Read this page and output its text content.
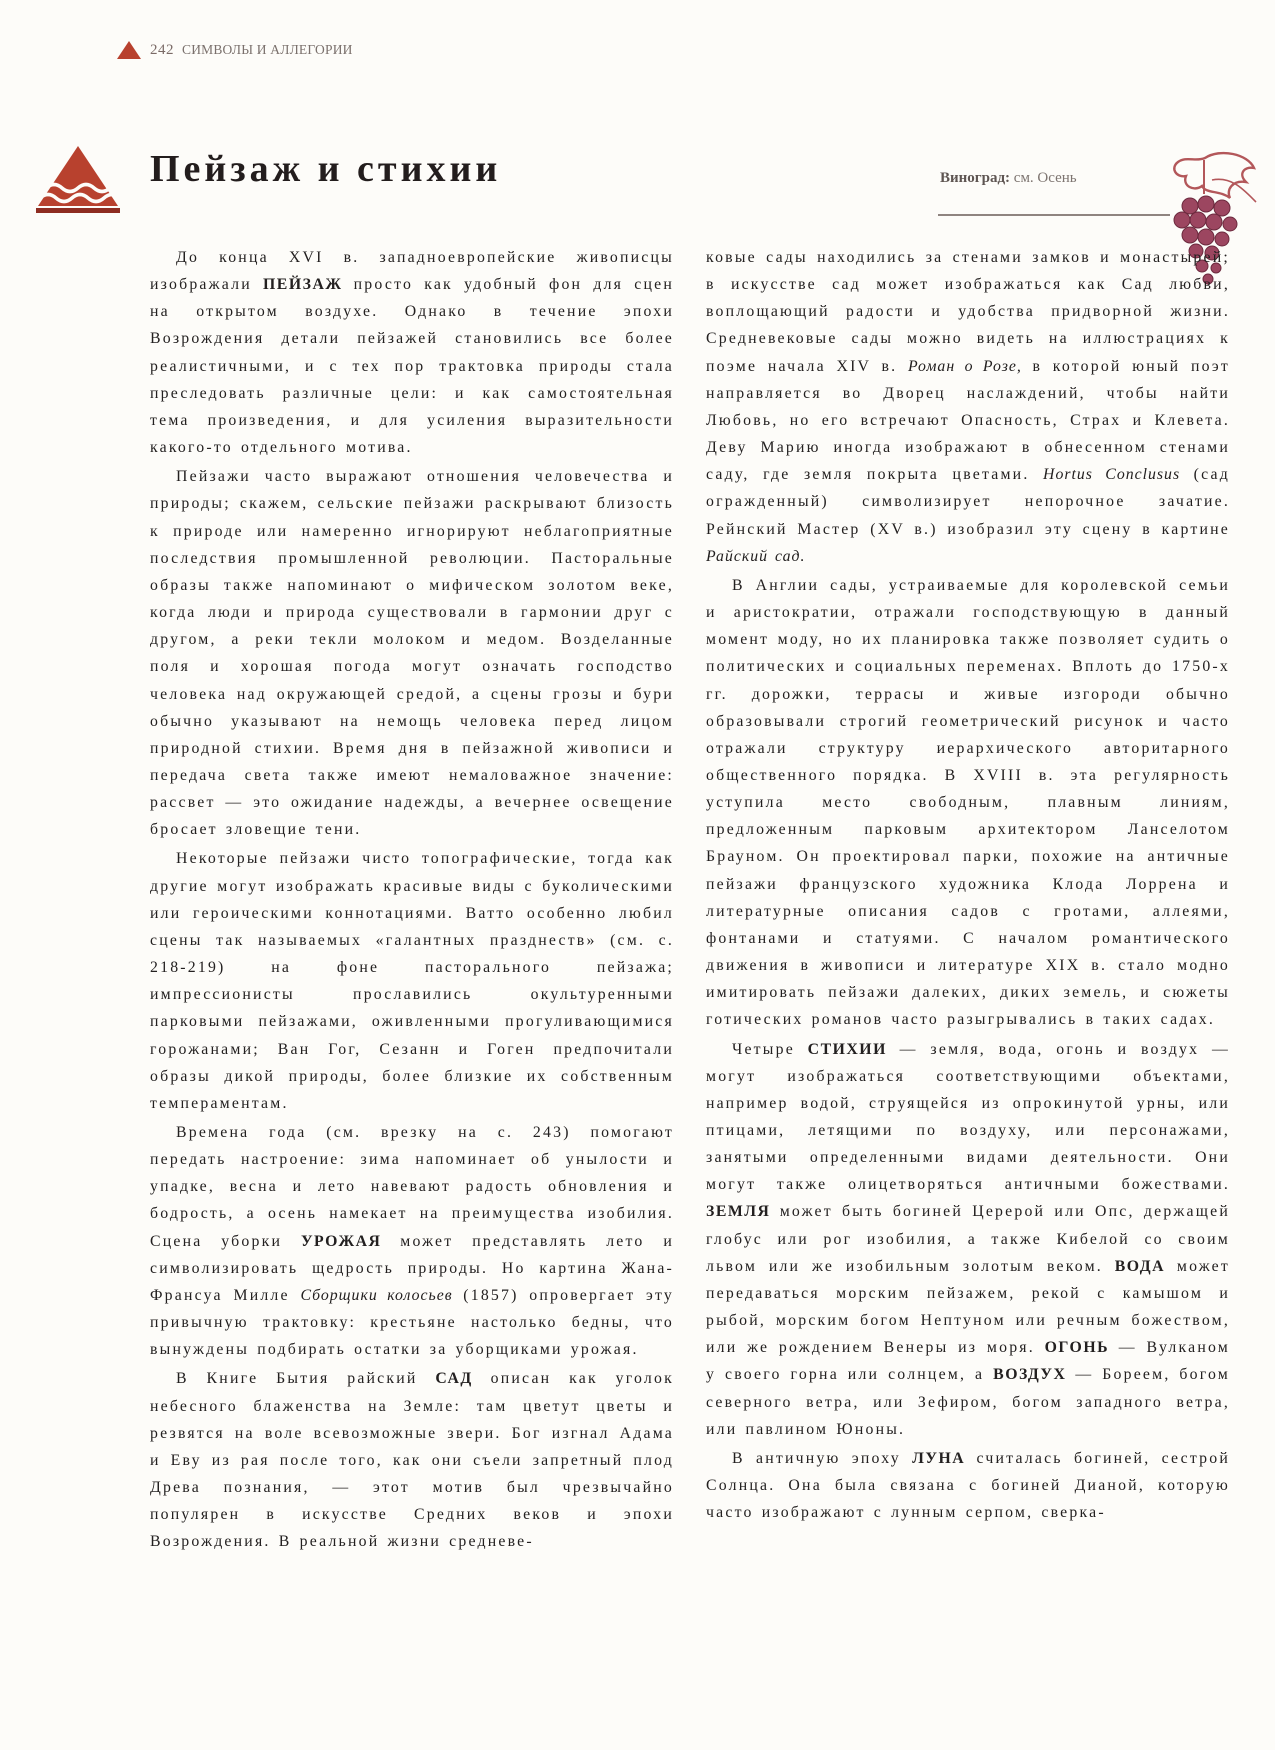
242 СИМВОЛЫ И АЛЛЕГОРИИ
Пейзаж и стихии	Виноград: см. Осень

До конца XVI в. западноевропейские живописцы изображали ПЕЙЗАЖ просто как удобный фон для сцен на открытом воздухе. Однако в течение эпохи Возрождения детали пейзажей становились все более реалистичными, и с тех пор трактовка природы стала преследовать различные цели: и как самостоятельная тема произведения, и для усиления выразительности какого-то отдельного мотива.

Пейзажи часто выражают отношения человечества и природы; скажем, сельские пейзажи раскрывают близость к природе или намеренно игнорируют неблагоприятные последствия промышленной революции. Пасторальные образы также напоминают о мифическом золотом веке, когда люди и природа существовали в гармонии друг с другом, а реки текли молоком и медом. Возделанные поля и хорошая погода могут означать господство человека над окружающей средой, а сцены грозы и бури обычно указывают на немощь человека перед лицом природной стихии. Время дня в пейзажной живописи и передача света также имеют немаловажное значение: рассвет — это ожидание надежды, а вечернее освещение бросает зловещие тени.

Некоторые пейзажи чисто топографические, тогда как другие могут изображать красивые виды с буколическими или героическими коннотациями. Ватто особенно любил сцены так называемых «галантных празднеств» (см. с. 218-219) на фоне пасторального пейзажа; импрессионисты прославились окультуренными парковыми пейзажами, оживленными прогуливающимися горожанами; Ван Гог, Сезанн и Гоген предпочитали образы дикой природы, более близкие их собственным темпераментам.

Времена года (см. врезку на с. 243) помогают передать настроение: зима напоминает об унылости и упадке, весна и лето навевают радость обновления и бодрость, а осень намекает на преимущества изобилия. Сцена уборки УРОЖАЯ может представлять лето и символизировать щедрость природы. Но картина Жана-Франсуа Милле Сборщики колосьев (1857) опровергает эту привычную трактовку: крестьяне настолько бедны, что вынуждены подбирать остатки за уборщиками урожая.

В Книге Бытия райский САД описан как уголок небесного блаженства на Земле: там цветут цветы и резвятся на воле всевозможные звери. Бог изгнал Адама и Еву из рая после того, как они съели запретный плод Древа познания, — этот мотив был чрезвычайно популярен в искусстве Средних веков и эпохи Возрождения. В реальной жизни средневе-

ковые сады находились за стенами замков и монастырей; в искусстве сад может изображаться как Сад любви, воплощающий радости и удобства придворной жизни. Средневековые сады можно видеть на иллюстрациях к поэме начала XIV в. Роман о Розе, в которой юный поэт направляется во Дворец наслаждений, чтобы найти Любовь, но его встречают Опасность, Страх и Клевета. Деву Марию иногда изображают в обнесенном стенами саду, где земля покрыта цветами. Hortus Conclusus (сад огражденный) символизирует непорочное зачатие. Рейнский Мастер (XV в.) изобразил эту сцену в картине Райский сад.

В Англии сады, устраиваемые для королевской семьи и аристократии, отражали господствующую в данный момент моду, но их планировка также позволяет судить о политических и социальных переменах. Вплоть до 1750-х гг. дорожки, террасы и живые изгороди обычно образовывали строгий геометрический рисунок и часто отражали структуру иерархического авторитарного общественного порядка. В XVIII в. эта регулярность уступила место свободным, плавным линиям, предложенным парковым архитектором Ланселотом Брауном. Он проектировал парки, похожие на античные пейзажи французского художника Клода Лоррена и литературные описания садов с гротами, аллеями, фонтанами и статуями. С началом романтического движения в живописи и литературе XIX в. стало модно имитировать пейзажи далеких, диких земель, и сюжеты готических романов часто разыгрывались в таких садах.

Четыре СТИХИИ — земля, вода, огонь и воздух — могут изображаться соответствующими объектами, например водой, струящейся из опрокинутой урны, или птицами, летящими по воздуху, или персонажами, занятыми определенными видами деятельности. Они могут также олицетворяться античными божествами. ЗЕМЛЯ может быть богиней Церерой или Опс, держащей глобус или рог изобилия, а также Кибелой со своим львом или же изобильным золотым веком. ВОДА может передаваться морским пейзажем, рекой с камышом и рыбой, морским богом Нептуном или речным божеством, или же рождением Венеры из моря. ОГОНЬ — Вулканом у своего горна или солнцем, а ВОЗДУХ — Бореем, богом северного ветра, или Зефиром, богом западного ветра, или павлином Юноны.

В античную эпоху ЛУНА считалась богиней, сестрой Солнца. Она была связана с богиней Дианой, которую часто изображают с лунным серпом, сверка-
